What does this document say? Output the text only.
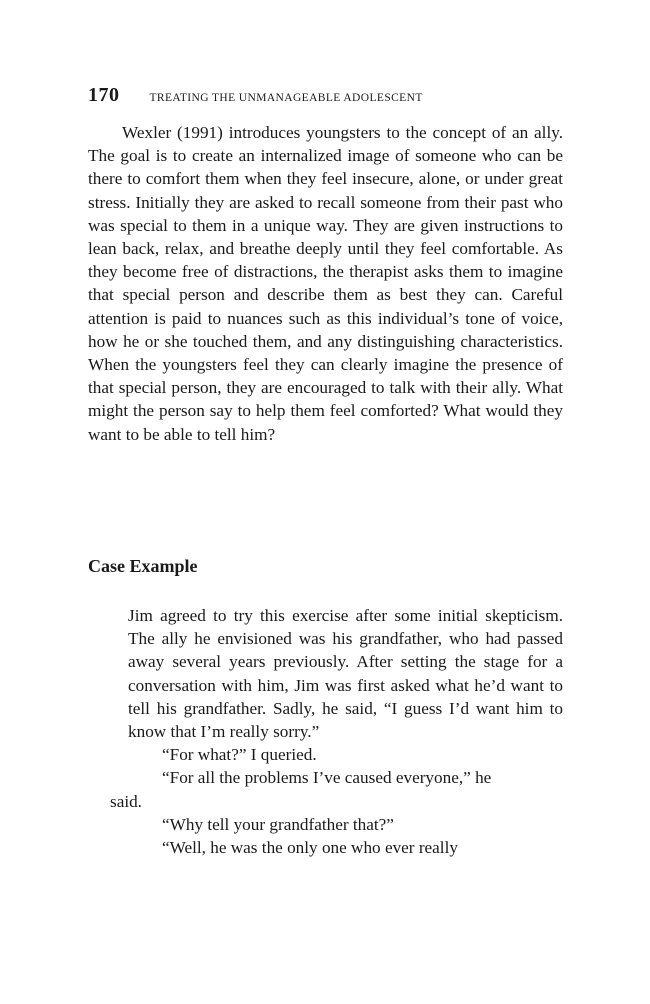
170	TREATING THE UNMANAGEABLE ADOLESCENT

Wexler (1991) introduces youngsters to the concept of an ally. The goal is to create an internalized image of someone who can be there to comfort them when they feel insecure, alone, or under great stress. Initially they are asked to recall someone from their past who was special to them in a unique way. They are given instructions to lean back, relax, and breathe deeply until they feel comfortable. As they become free of distractions, the therapist asks them to imagine that special person and describe them as best they can. Careful attention is paid to nuances such as this individual’s tone of voice, how he or she touched them, and any distinguishing characteristics. When the youngsters feel they can clearly imagine the presence of that special person, they are encouraged to talk with their ally. What might the person say to help them feel comforted? What would they want to be able to tell him?

Case Example

Jim agreed to try this exercise after some initial skepticism. The ally he envisioned was his grandfather, who had passed away several years previously. After setting the stage for a conversation with him, Jim was first asked what he’d want to tell his grandfather. Sadly, he said, “I guess I’d want him to know that I’m really sorry.”

“For what?” I queried.

“For all the problems I’ve caused everyone,” he

said.

“Why tell your grandfather that?”

“Well, he was the only one who ever really
